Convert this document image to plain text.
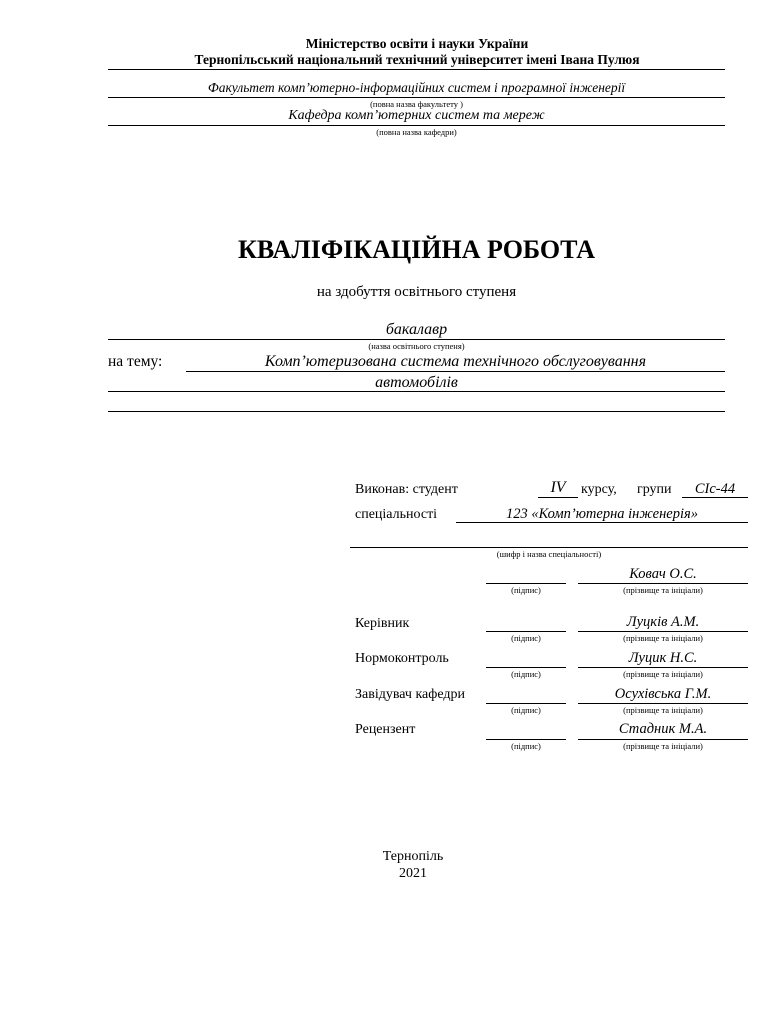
Міністерство освіти і науки України
Тернопільський національний технічний університет імені Івана Пулюя
Факультет комп’ютерно-інформаційних систем і програмної інженерії
(повна назва факультету )
Кафедра комп’ютерних систем та мереж
(повна назва кафедри)
КВАЛІФІКАЦІЙНА РОБОТА
на здобуття освітнього ступеня
бакалавр
(назва освітнього ступеня)
на тему:	Комп’ютеризована система технічного обслуговування
автомобілів
Виконав: студент	IV	курсу, групи	СІс-44
спеціальності	123 «Комп’ютерна інженерія»
(шифр і назва спеціальності)
Ковач О.С.
(підпис)	(прізвище та ініціали)
Керівник	Луцків А.М.
(підпис)	(прізвище та ініціали)
Нормоконтроль	Луцик Н.С.
(підпис)	(прізвище та ініціали)
Завідувач кафедри	Осухівська Г.М.
(підпис)	(прізвище та ініціали)
Рецензент	Стадник М.А.
(підпис)	(прізвище та ініціали)
Тернопіль
2021
